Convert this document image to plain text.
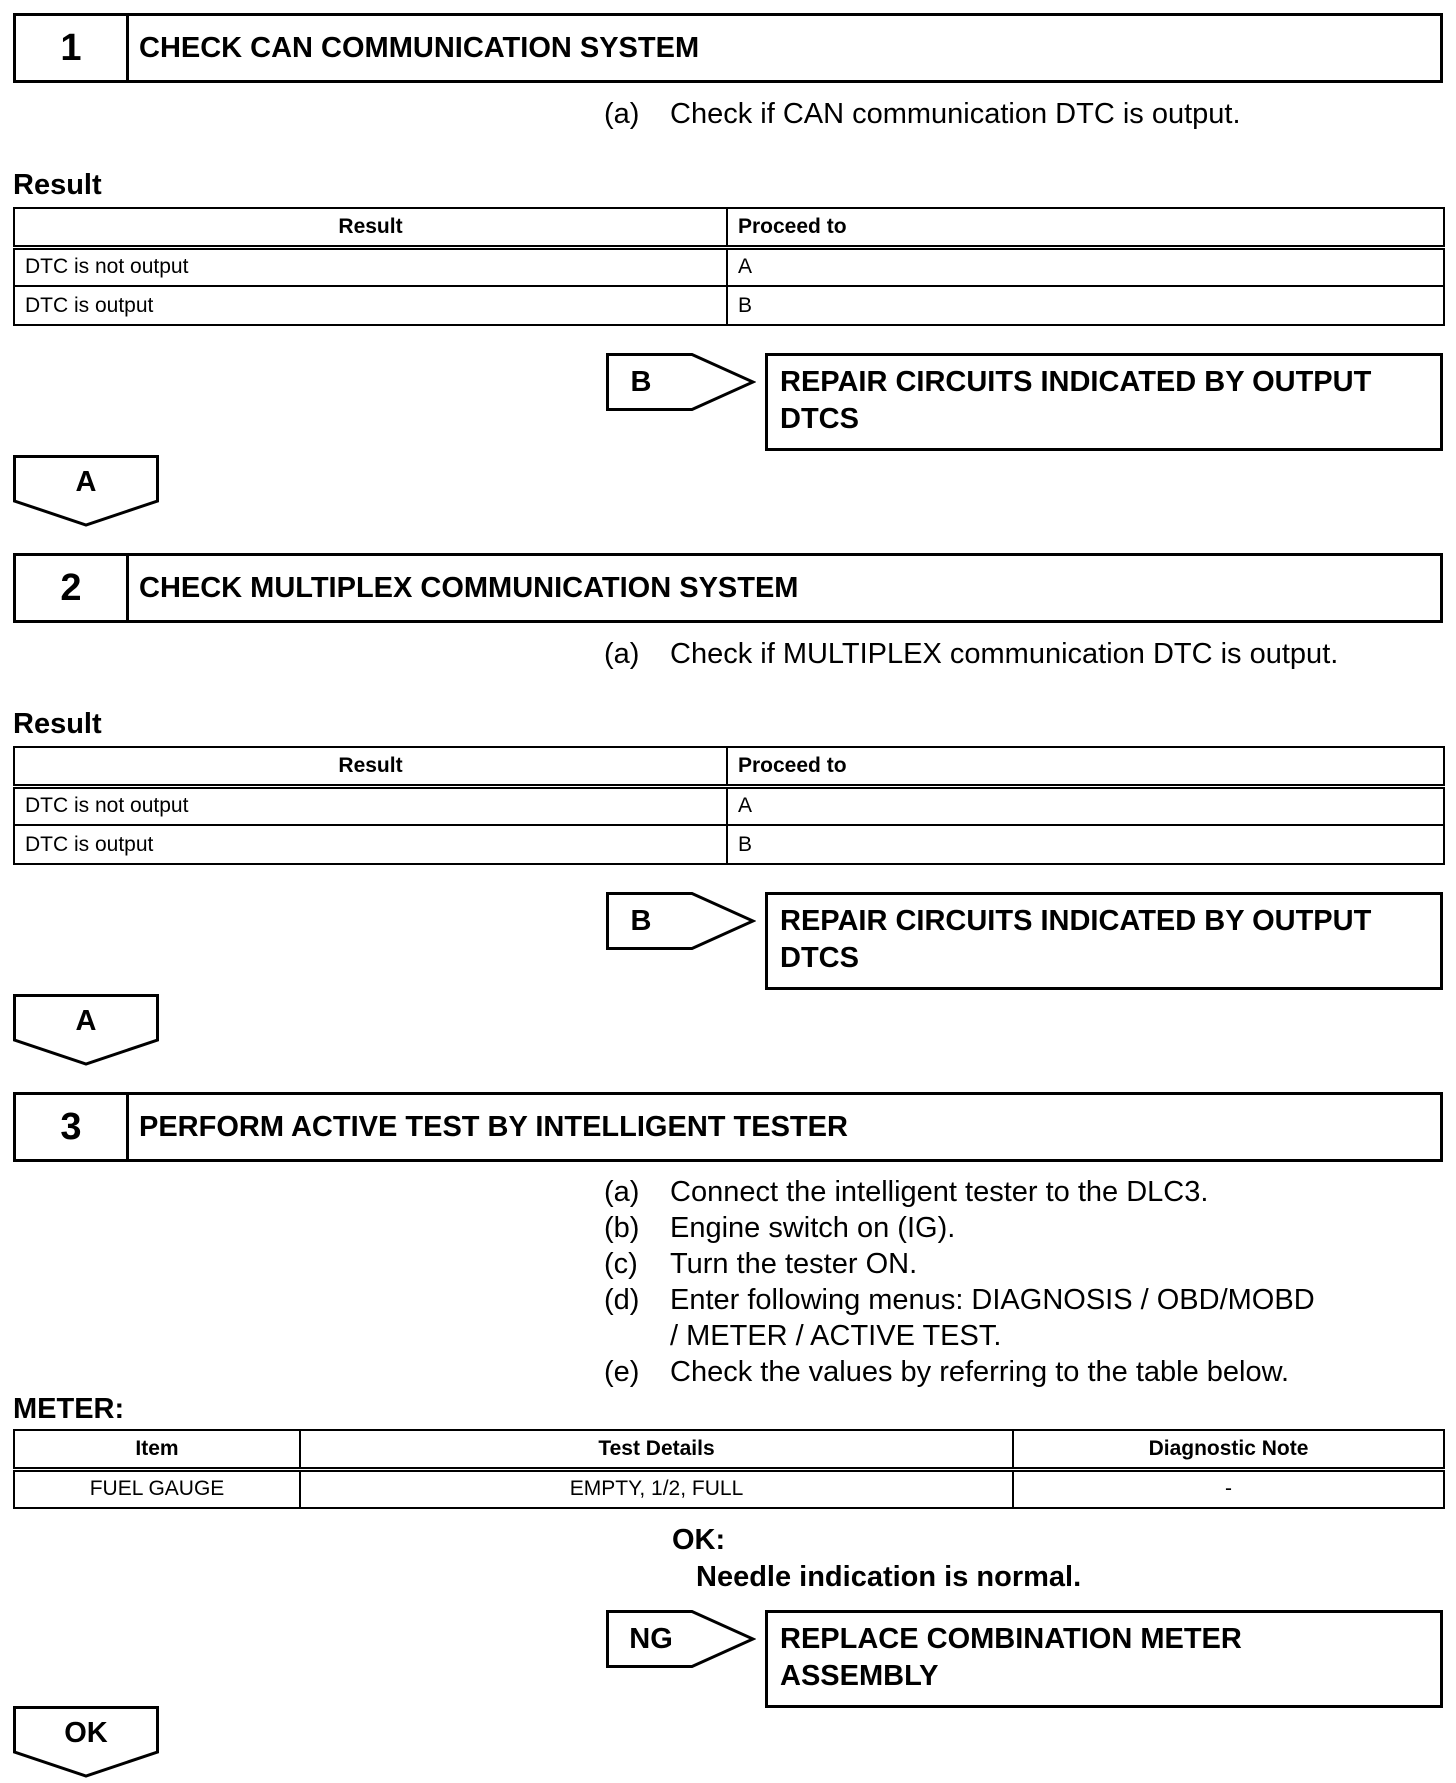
1	CHECK CAN COMMUNICATION SYSTEM
(a)	Check if CAN communication DTC is output.
Result
Result	Proceed to
DTC is not output	A
DTC is output	B
B	REPAIR CIRCUITS INDICATED BY OUTPUT
DTCS
A
2	CHECK MULTIPLEX COMMUNICATION SYSTEM
(a)	Check if MULTIPLEX communication DTC is output.
Result
Result	Proceed to
DTC is not output	A
DTC is output	B
B	REPAIR CIRCUITS INDICATED BY OUTPUT
DTCS
A
3	PERFORM ACTIVE TEST BY INTELLIGENT TESTER
(a)	Connect the intelligent tester to the DLC3.
(b)	Engine switch on (IG).
(c)	Turn the tester ON.
(d)	Enter following menus: DIAGNOSIS / OBD/MOBD / METER / ACTIVE TEST.
(e)	Check the values by referring to the table below.
METER:
Item	Test Details	Diagnostic Note
FUEL GAUGE	EMPTY, 1/2, FULL	-
OK:
Needle indication is normal.
NG	REPLACE COMBINATION METER
ASSEMBLY
OK
